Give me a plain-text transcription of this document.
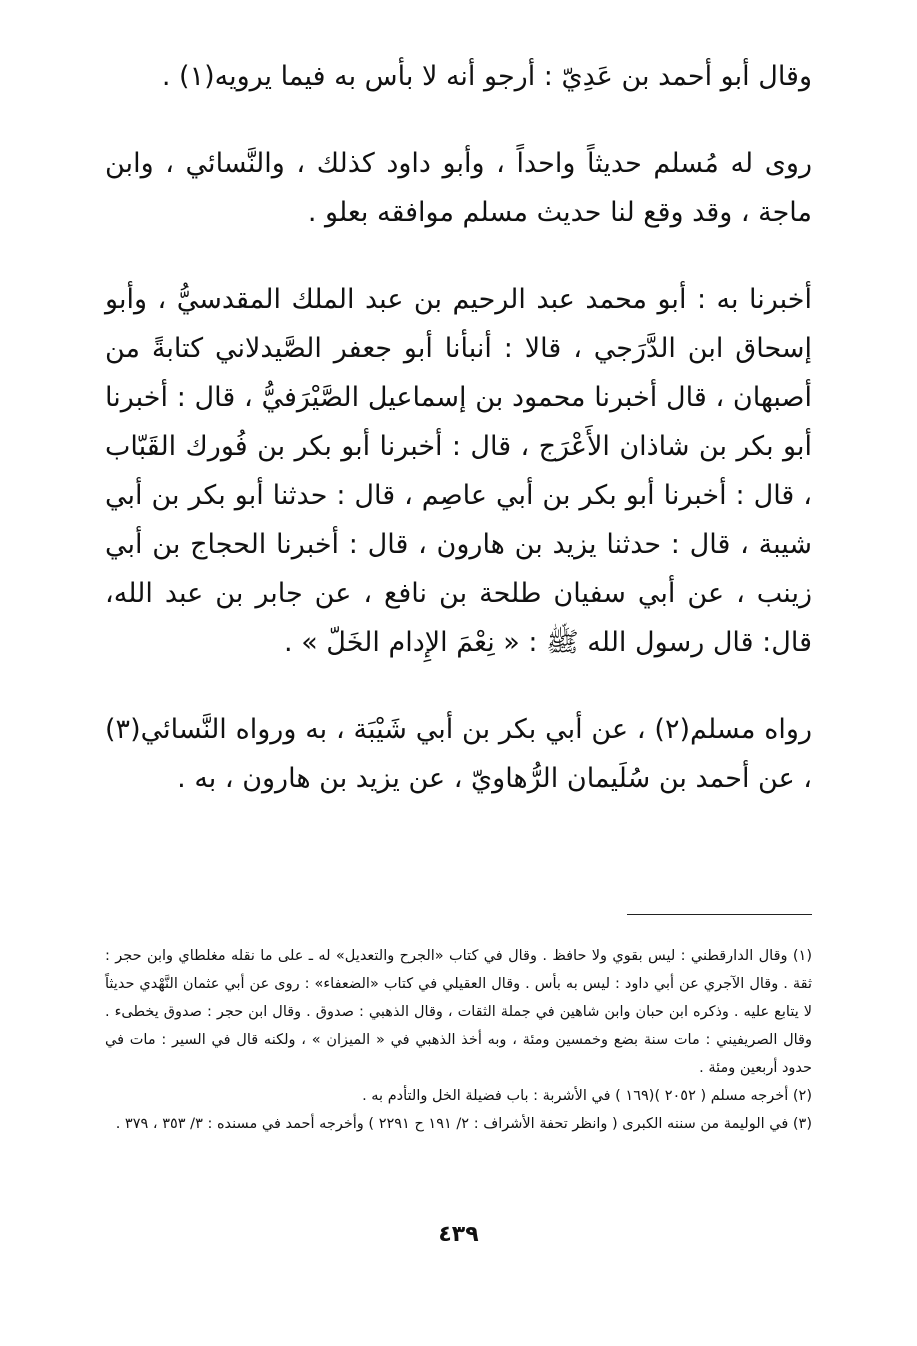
وقال أبو أحمد بن عَدِيّ : أرجو أنه لا بأس به فيما يرويه(١) .

روى له مُسلم حديثاً واحداً ، وأبو داود كذلك ، والنَّسائي ، وابن ماجة ، وقد وقع لنا حديث مسلم موافقه بعلو .

أخبرنا به : أبو محمد عبد الرحيم بن عبد الملك المقدسيُّ ، وأبو إسحاق ابن الدَّرَجي ، قالا : أنبأنا أبو جعفر الصَّيدلاني كتابةً من أصبهان ، قال أخبرنا محمود بن إسماعيل الصَّيْرَفيُّ ، قال : أخبرنا أبو بكر بن شاذان الأَعْرَج ، قال : أخبرنا أبو بكر بن فُورك القَبّاب ، قال : أخبرنا أبو بكر بن أبي عاصِم ، قال : حدثنا أبو بكر بن أبي شيبة ، قال : حدثنا يزيد بن هارون ، قال : أخبرنا الحجاج بن أبي زينب ، عن أبي سفيان طلحة بن نافع ، عن جابر بن عبد الله، قال: قال رسول الله ﷺ : « نِعْمَ الإِدام الخَلّ » .

رواه مسلم(٢) ، عن أبي بكر بن أبي شَيْبَة ، به ورواه النَّسائي(٣) ، عن أحمد بن سُلَيمان الرُّهاويّ ، عن يزيد بن هارون ، به .

(١) وقال الدارقطني : ليس بقوي ولا حافظ . وقال في كتاب «الجرح والتعديل» له ـ على ما نقله مغلطاي وابن حجر : ثقة . وقال الآجري عن أبي داود : ليس به بأس . وقال العقيلي في كتاب «الضعفاء» : روى عن أبي عثمان النَّهْدي حديثاً لا يتابع عليه . وذكره ابن حبان وابن شاهين في جملة الثقات ، وقال الذهبي : صدوق . وقال ابن حجر : صدوق يخطىء . وقال الصريفيني : مات سنة بضع وخمسين ومئة ، وبه أخذ الذهبي في « الميزان » ، ولكنه قال في السير : مات في حدود أربعين ومئة .

(٢) أخرجه مسلم ( ٢٠٥٢ )(١٦٩ ) في الأشربة : باب فضيلة الخل والتأدم به .

(٣) في الوليمة من سننه الكبرى ( وانظر تحفة الأشراف : ٢/ ١٩١ ح ٢٢٩١ ) وأخرجه أحمد في مسنده : ٣/ ٣٥٣ ، ٣٧٩ .

٤٣٩
